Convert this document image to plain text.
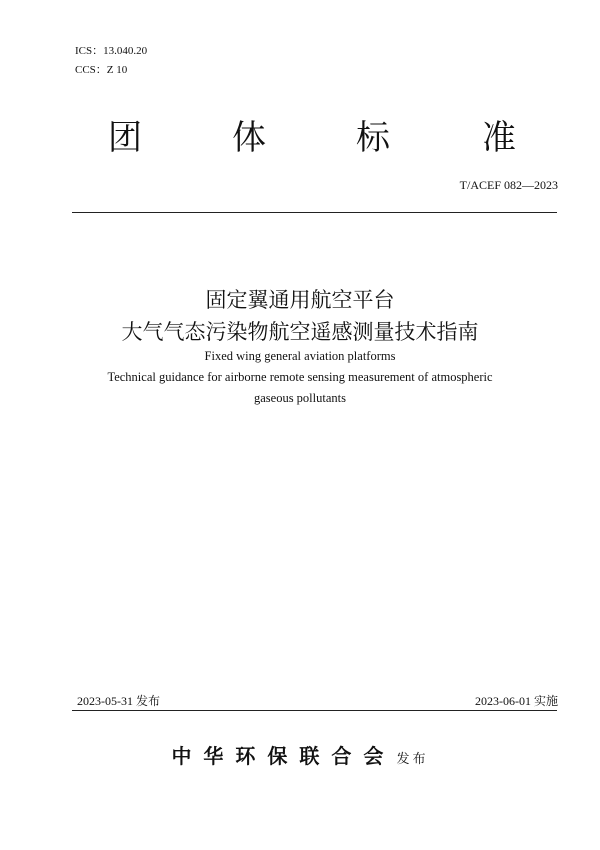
ICS：13.040.20
CCS：Z 10
团	体	标	准
T/ACEF 082—2023
固定翼通用航空平台
大气气态污染物航空遥感测量技术指南
Fixed wing general aviation platforms
Technical guidance for airborne remote sensing measurement of atmospheric
gaseous pollutants
2023-05-31 发布	2023-06-01 实施
中华环保联合会 发布
